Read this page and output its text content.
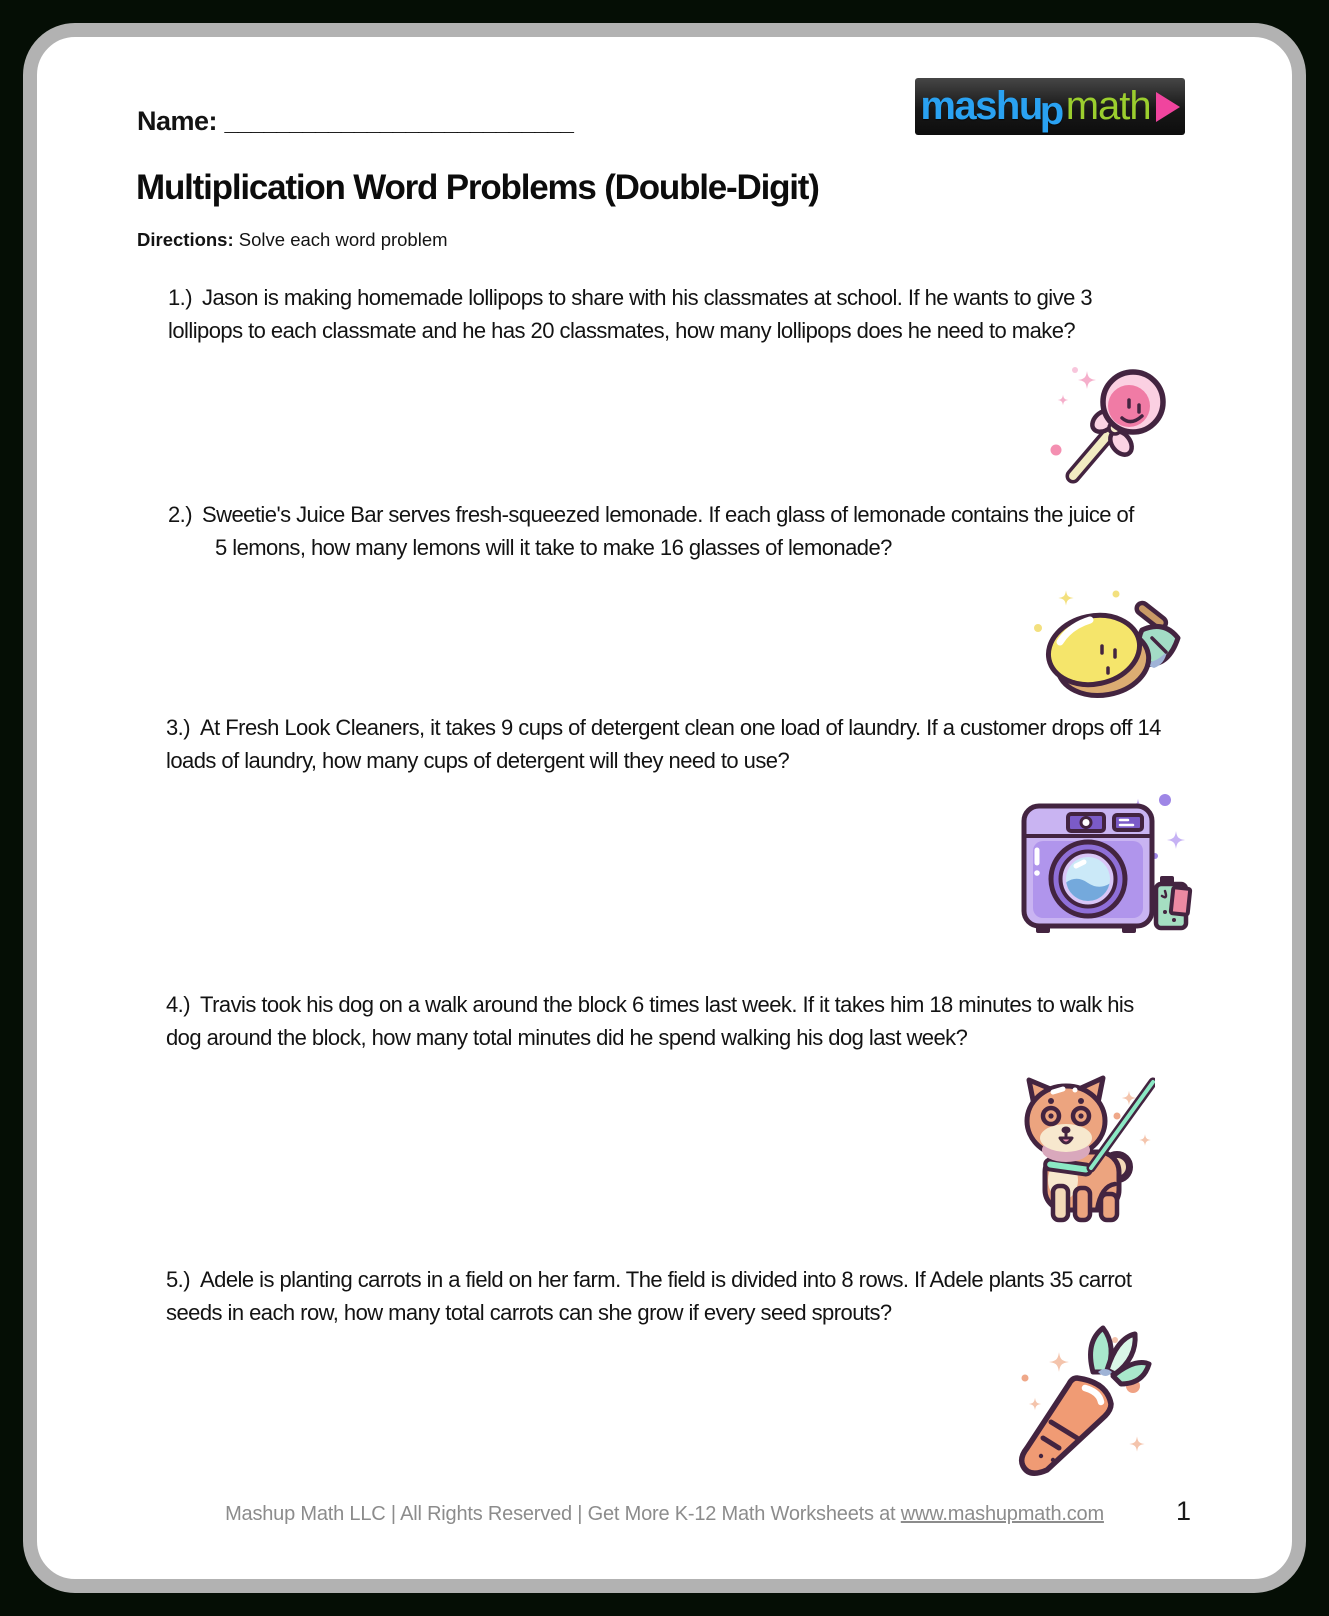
Name: ___________________________	mashu
p math
Multiplication Word Problems (Double-Digit)
Directions: Solve each word problem
1.) Jason is making homemade lollipops to share with his classmates at school. If he wants to give 3 lollipops to each classmate and he has 20 classmates, how many lollipops does he need to make?
2.) Sweetie's Juice Bar serves fresh-squeezed lemonade. If each glass of lemonade contains the juice of 5 lemons, how many lemons will it take to make 16 glasses of lemonade?
3.) At Fresh Look Cleaners, it takes 9 cups of detergent clean one load of laundry. If a customer drops off 14 loads of laundry, how many cups of detergent will they need to use?
4.) Travis took his dog on a walk around the block 6 times last week. If it takes him 18 minutes to walk his dog around the block, how many total minutes did he spend walking his dog last week?
5.) Adele is planting carrots in a field on her farm. The field is divided into 8 rows. If Adele plants 35 carrot seeds in each row, how many total carrots can she grow if every seed sprouts?
Mashup Math LLC | All Rights Reserved | Get More K-12 Math Worksheets at www.mashupmath.com	1
